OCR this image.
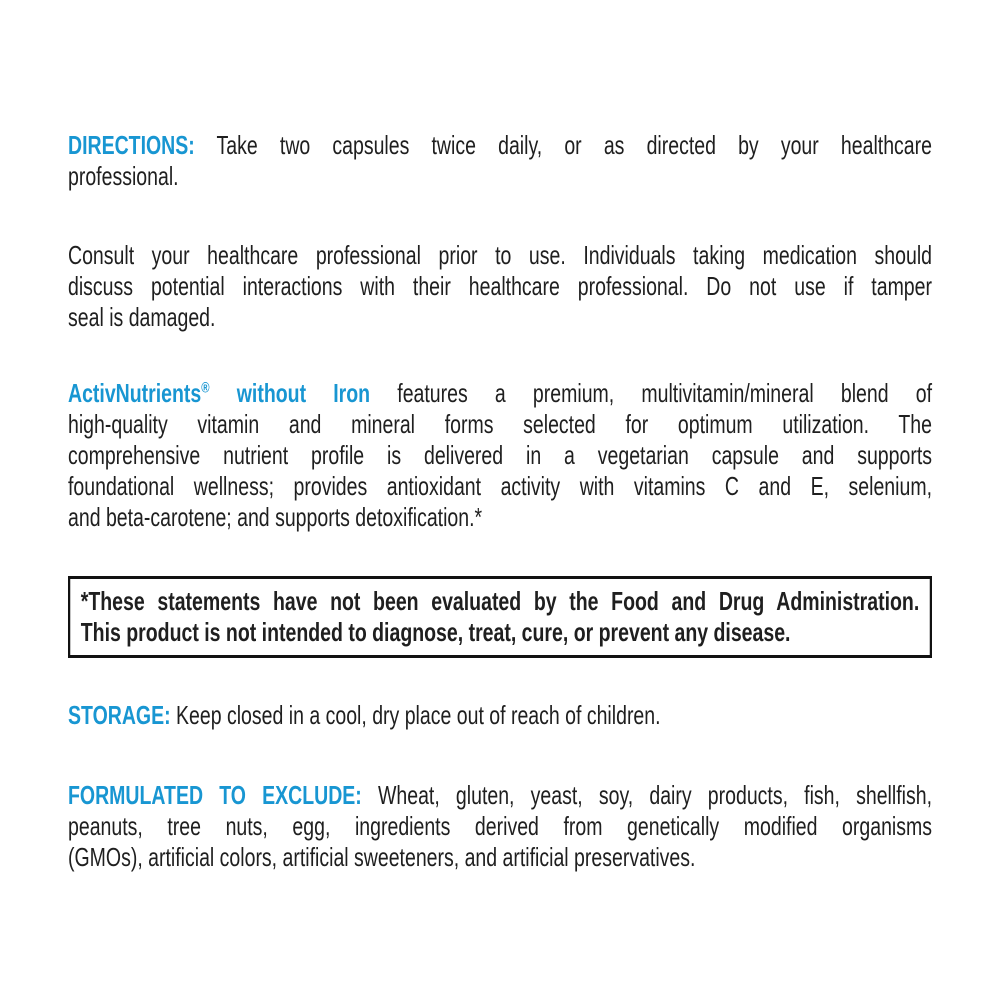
DIRECTIONS: Take two capsules twice daily, or as directed by your healthcare
professional.
Consult your healthcare professional prior to use. Individuals taking medication should
discuss potential interactions with their healthcare professional. Do not use if tamper
seal is damaged.
ActivNutrients® without Iron features a premium, multivitamin/mineral blend of
high-quality vitamin and mineral forms selected for optimum utilization. The
comprehensive nutrient profile is delivered in a vegetarian capsule and supports
foundational wellness; provides antioxidant activity with vitamins C and E, selenium,
and beta-carotene; and supports detoxification.*
*These statements have not been evaluated by the Food and Drug Administration.
This product is not intended to diagnose, treat, cure, or prevent any disease.
STORAGE: Keep closed in a cool, dry place out of reach of children.
FORMULATED TO EXCLUDE: Wheat, gluten, yeast, soy, dairy products, fish, shellfish,
peanuts, tree nuts, egg, ingredients derived from genetically modified organisms
(GMOs), artificial colors, artificial sweeteners, and artificial preservatives.
